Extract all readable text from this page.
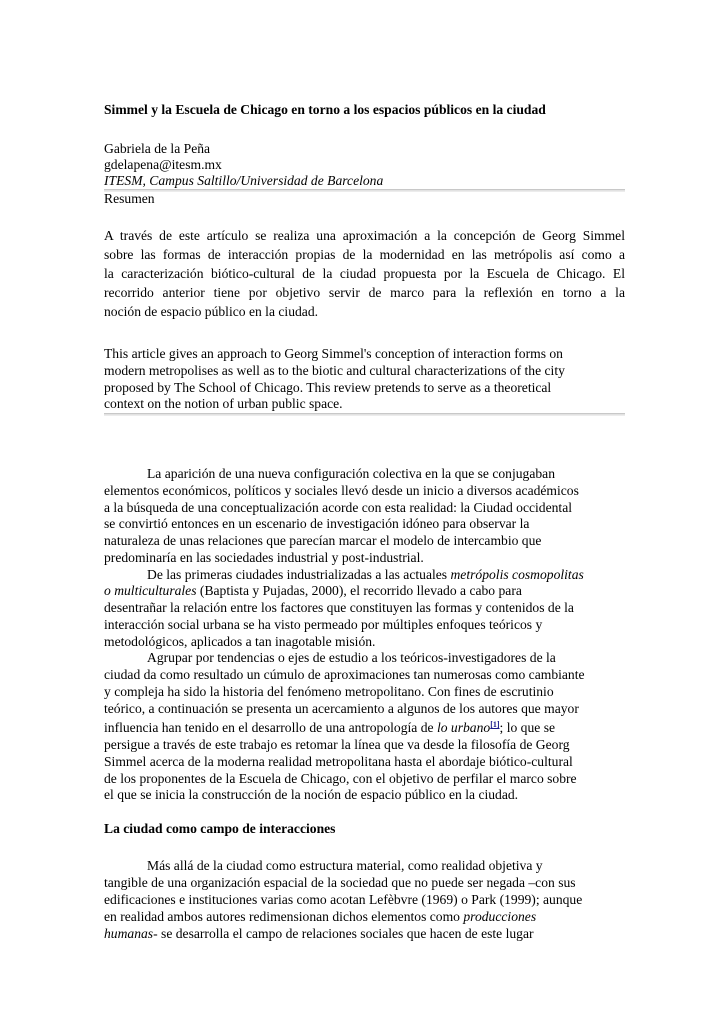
Simmel y la Escuela de Chicago en torno a los espacios públicos en la ciudad
Gabriela de la Peña
gdelapena@itesm.mx
ITESM, Campus Saltillo/Universidad de Barcelona
Resumen
A través de este artículo se realiza una aproximación a la concepción de Georg Simmel
sobre las formas de interacción propias de la modernidad en las metrópolis así como a
la caracterización biótico-cultural de la ciudad propuesta por la Escuela de Chicago. El
recorrido anterior tiene por objetivo servir de marco para la reflexión en torno a la
noción de espacio público en la ciudad.
This article gives an approach to Georg Simmel's conception of interaction forms on
modern metropolises as well as to the biotic and cultural characterizations of the city
proposed by The School of Chicago. This review pretends to serve as a theoretical
context on the notion of urban public space.
La aparición de una nueva configuración colectiva en la que se conjugaban
elementos económicos, políticos y sociales llevó desde un inicio a diversos académicos
a la búsqueda de una conceptualización acorde con esta realidad: la Ciudad occidental
se convirtió entonces en un escenario de investigación idóneo para observar la
naturaleza de unas relaciones que parecían marcar el modelo de intercambio que
predominaría en las sociedades industrial y post-industrial.
De las primeras ciudades industrializadas a las actuales metrópolis cosmopolitas
o multiculturales (Baptista y Pujadas, 2000), el recorrido llevado a cabo para
desentrañar la relación entre los factores que constituyen las formas y contenidos de la
interacción social urbana se ha visto permeado por múltiples enfoques teóricos y
metodológicos, aplicados a tan inagotable misión.
Agrupar por tendencias o ejes de estudio a los teóricos-investigadores de la
ciudad da como resultado un cúmulo de aproximaciones tan numerosas como cambiante
y compleja ha sido la historia del fenómeno metropolitano. Con fines de escrutinio
teórico, a continuación se presenta un acercamiento a algunos de los autores que mayor
influencia han tenido en el desarrollo de una antropología de lo urbano[1]; lo que se
persigue a través de este trabajo es retomar la línea que va desde la filosofía de Georg
Simmel acerca de la moderna realidad metropolitana hasta el abordaje biótico-cultural
de los proponentes de la Escuela de Chicago, con el objetivo de perfilar el marco sobre
el que se inicia la construcción de la noción de espacio público en la ciudad.
La ciudad como campo de interacciones
Más allá de la ciudad como estructura material, como realidad objetiva y
tangible de una organización espacial de la sociedad que no puede ser negada –con sus
edificaciones e instituciones varias como acotan Lefèbvre (1969) o Park (1999); aunque
en realidad ambos autores redimensionan dichos elementos como producciones
humanas- se desarrolla el campo de relaciones sociales que hacen de este lugar
